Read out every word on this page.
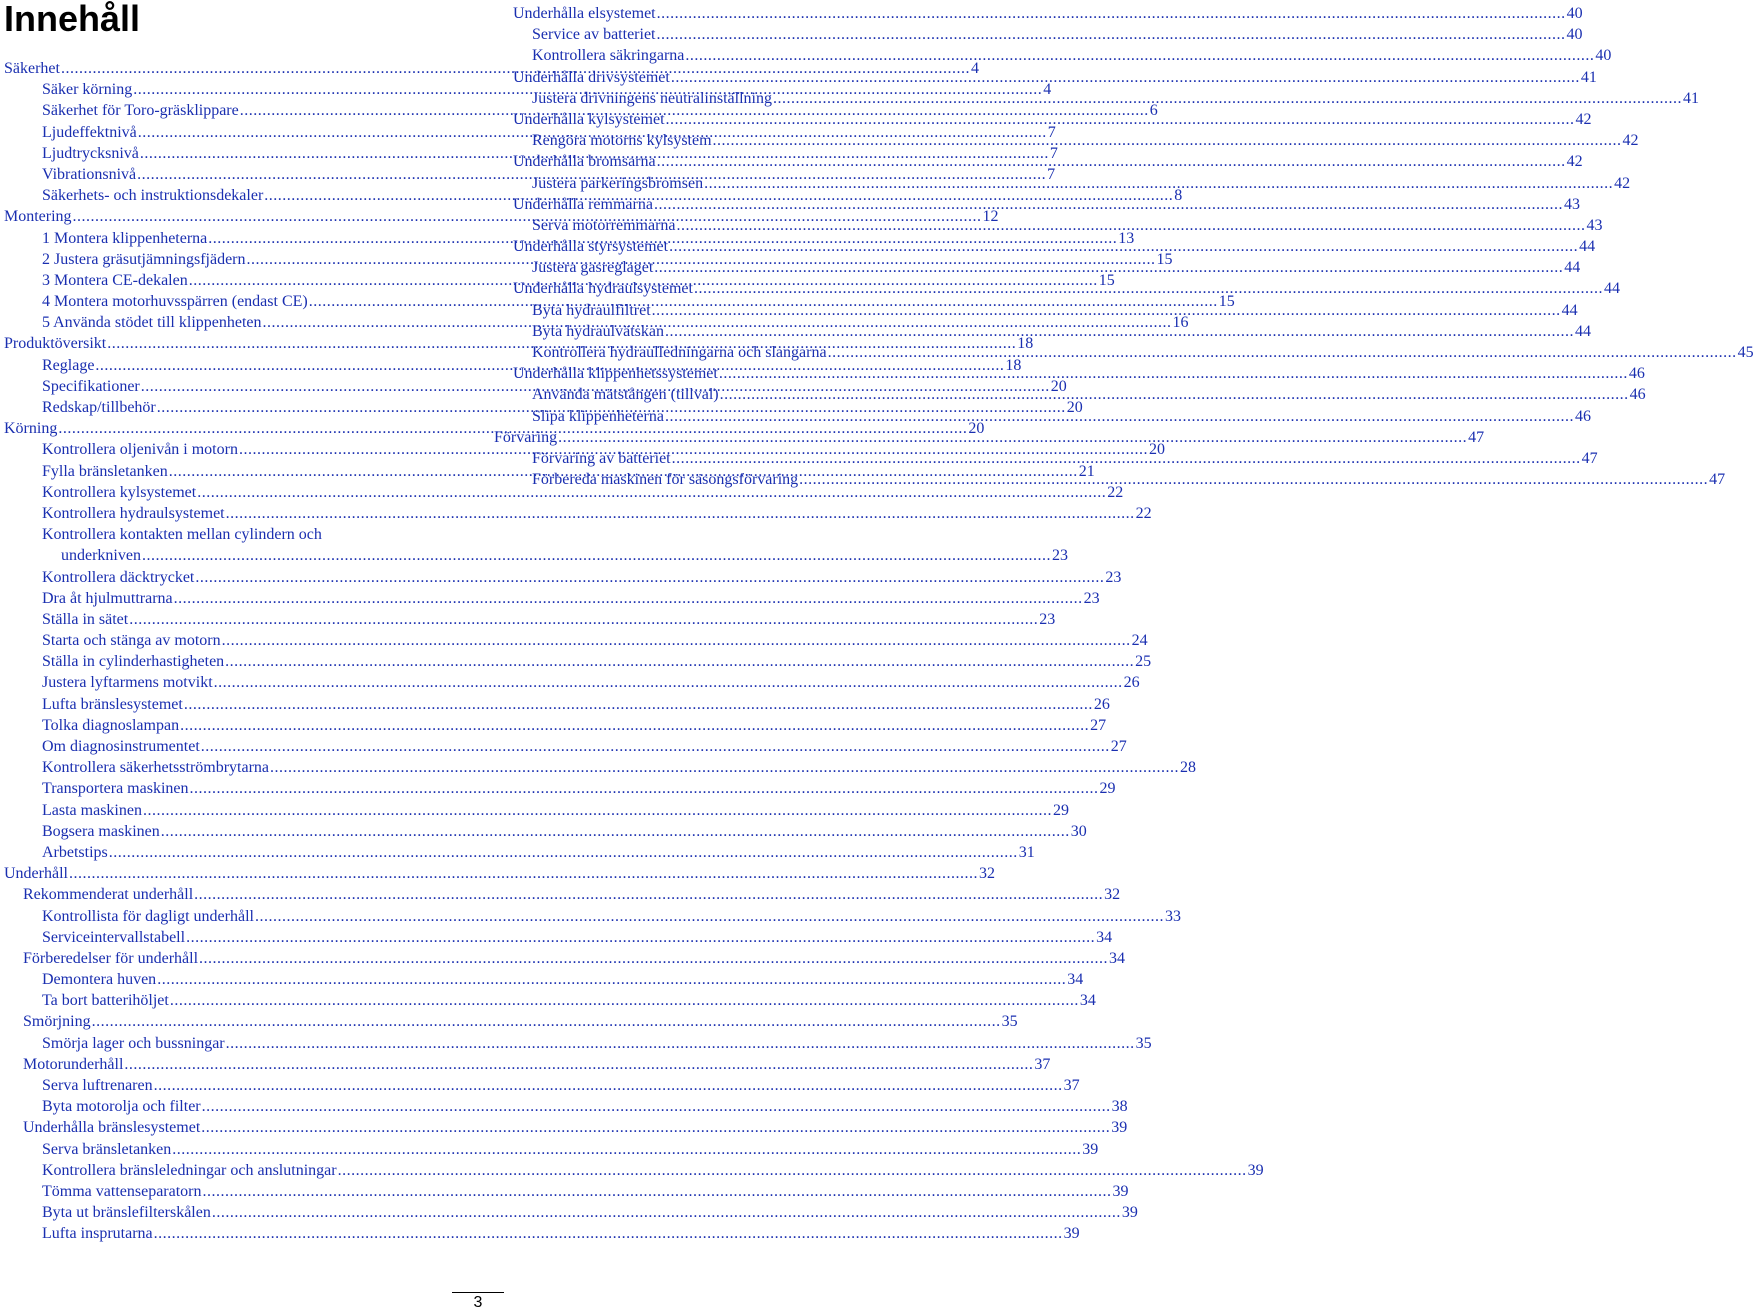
Innehåll
Säkerhet .....	4
Säker körning .....	4
Säkerhet för Toro-gräsklippare .....	6
Ljudeffektnivå .....	7
Ljudtrycksnivå .....	7
Vibrationsnivå .....	7
Säkerhets- och instruktionsdekaler .....	8
Montering .....	12
1 Montera klippenheterna .....	13
2 Justera gräsutjämningsfjädern .....	15
3 Montera CE-dekalen .....	15
4 Montera motorhuvsspärren (endast CE) .....	15
5 Använda stödet till klippenheten .....	16
Produktöversikt .....	18
Reglage .....	18
Specifikationer .....	20
Redskap/tillbehör .....	20
Körning .....	20
Kontrollera oljenivån i motorn .....	20
Fylla bränsletanken .....	21
Kontrollera kylsystemet .....	22
Kontrollera hydraulsystemet .....	22
Kontrollera kontakten mellan cylindern och
underkniven .....	23
Kontrollera däcktrycket .....	23
Dra åt hjulmuttrarna .....	23
Ställa in sätet .....	23
Starta och stänga av motorn .....	24
Ställa in cylinderhastigheten .....	25
Justera lyftarmens motvikt .....	26
Lufta bränslesystemet .....	26
Tolka diagnoslampan .....	27
Om diagnosinstrumentet .....	27
Kontrollera säkerhetsströmbrytarna .....	28
Transportera maskinen .....	29
Lasta maskinen .....	29
Bogsera maskinen .....	30
Arbetstips .....	31
Underhåll .....	32
Rekommenderat underhåll .....	32
Kontrollista för dagligt underhåll .....	33
Serviceintervallstabell .....	34
Förberedelser för underhåll .....	34
Demontera huven .....	34
Ta bort batterihöljet .....	34
Smörjning .....	35
Smörja lager och bussningar .....	35
Motorunderhåll .....	37
Serva luftrenaren .....	37
Byta motorolja och filter .....	38
Underhålla bränslesystemet .....	39
Serva bränsletanken .....	39
Kontrollera bränsleledningar och anslutningar .....	39
Tömma vattenseparatorn .....	39
Byta ut bränslefilterskålen .....	39
Lufta insprutarna .....	39
Underhålla elsystemet .....	40
Service av batteriet .....	40
Kontrollera säkringarna .....	40
Underhålla drivsystemet .....	41
Justera drivningens neutralinställning .....	41
Underhålla kylsystemet .....	42
Rengöra motorns kylsystem .....	42
Underhålla bromsarna .....	42
Justera parkeringsbromsen .....	42
Underhålla remmarna .....	43
Serva motorremmarna .....	43
Underhålla styrsystemet .....	44
Justera gasreglaget .....	44
Underhålla hydraulsystemet .....	44
Byta hydraulfiltret .....	44
Byta hydraulvätskan .....	44
Kontrollera hydraulledningarna och slangarna .....	45
Underhålla klippenhetssystemet .....	46
Använda mätstången (tillval) .....	46
Slipa klippenheterna .....	46
Förvaring .....	47
Förvaring av batteriet .....	47
Förbereda maskinen för säsongsförvaring .....	47
3
